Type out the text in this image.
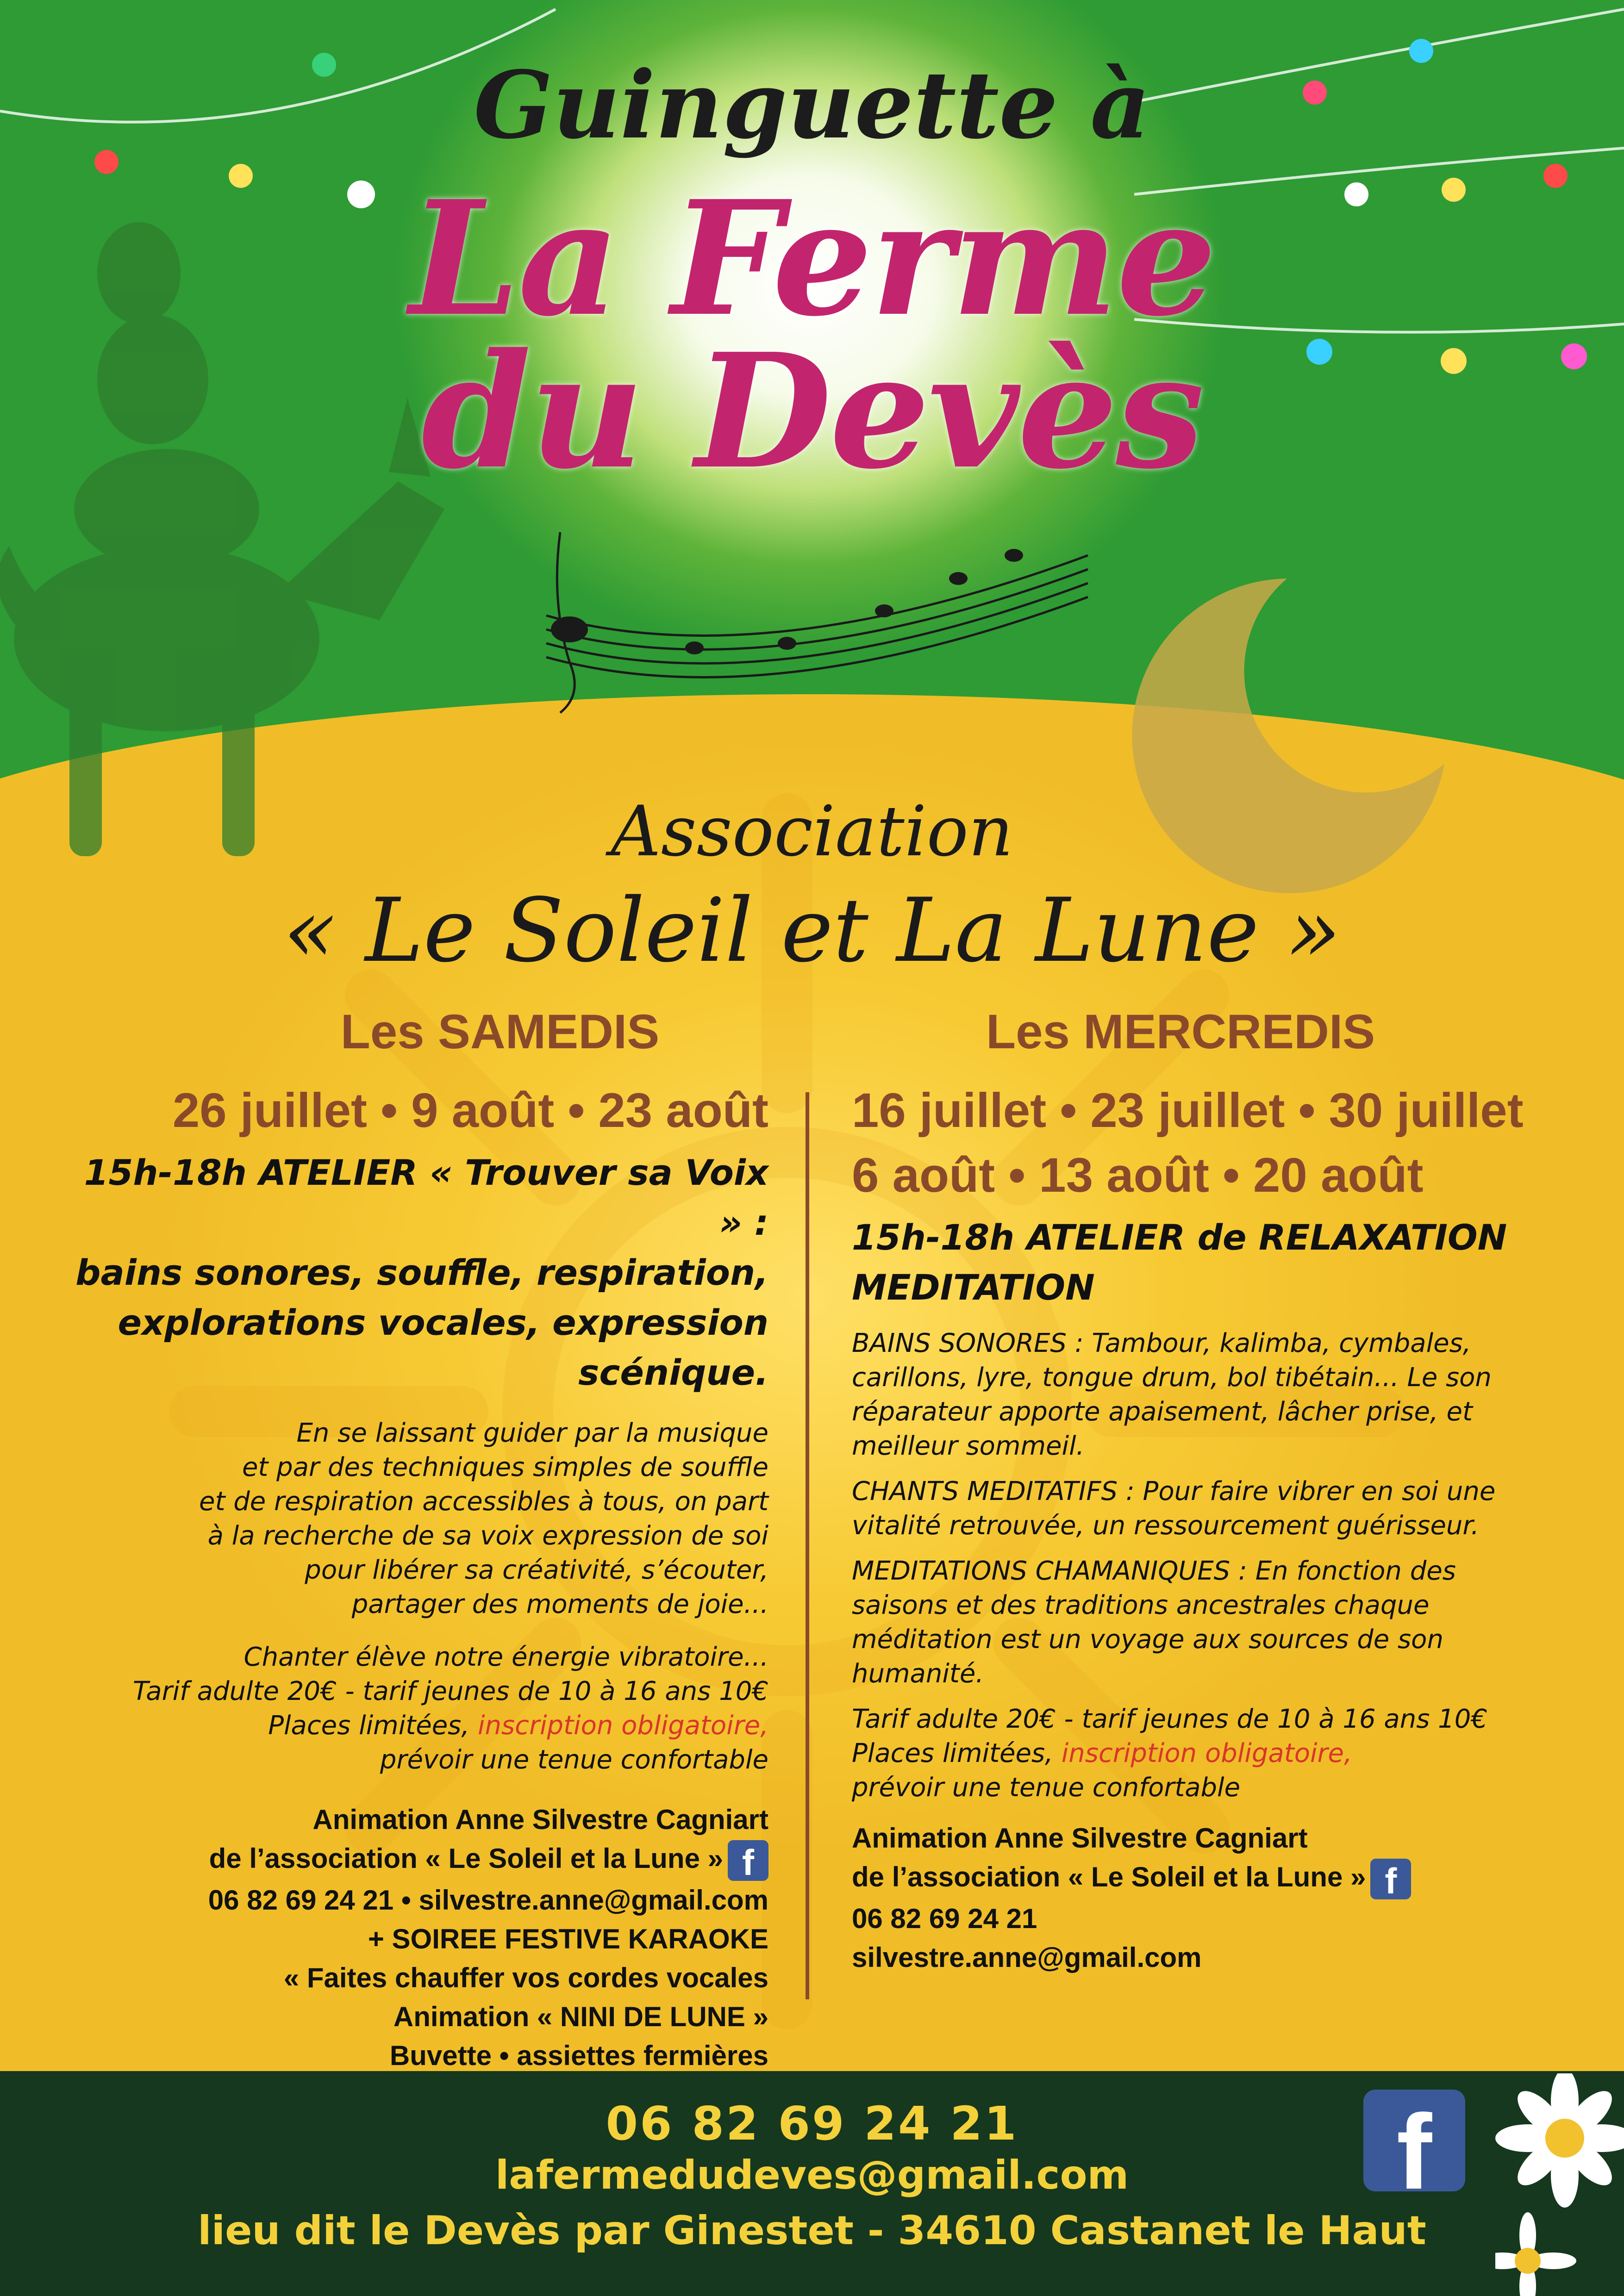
Guinguette à
La Ferme
du Devès
Association
« Le Soleil et La Lune »
Les SAMEDIS
26 juillet • 9 août • 23 août
15h-18h ATELIER « Trouver sa Voix » :
bains sonores, souffle, respiration,
explorations vocales, expression
scénique.
En se laissant guider par la musique
et par des techniques simples de souffle
et de respiration accessibles à tous, on part
à la recherche de sa voix expression de soi
pour libérer sa créativité, s’écouter,
partager des moments de joie...
Chanter élève notre énergie vibratoire...
Tarif adulte 20€ - tarif jeunes de 10 à 16 ans 10€
Places limitées, inscription obligatoire,
prévoir une tenue confortable
Animation Anne Silvestre Cagniart
de l’association « Le Soleil et la Lune » f
06 82 69 24 21 • silvestre.anne@gmail.com
+ SOIREE FESTIVE KARAOKE
« Faites chauffer vos cordes vocales
Animation « NINI DE LUNE »
Buvette • assiettes fermières
Les MERCREDIS
16 juillet • 23 juillet • 30 juillet
6 août • 13 août • 20 août
15h-18h ATELIER de RELAXATION
MEDITATION
BAINS SONORES : Tambour, kalimba, cymbales,
carillons, lyre, tongue drum, bol tibétain... Le son
réparateur apporte apaisement, lâcher prise, et
meilleur sommeil.
CHANTS MEDITATIFS : Pour faire vibrer en soi une
vitalité retrouvée, un ressourcement guérisseur.
MEDITATIONS CHAMANIQUES : En fonction des
saisons et des traditions ancestrales chaque
méditation est un voyage aux sources de son
humanité.
Tarif adulte 20€ - tarif jeunes de 10 à 16 ans 10€
Places limitées, inscription obligatoire,
prévoir une tenue confortable
Animation Anne Silvestre Cagniart
de l’association « Le Soleil et la Lune » f
06 82 69 24 21
silvestre.anne@gmail.com
06 82 69 24 21
lafermedudeves@gmail.com
lieu dit le Devès par Ginestet - 34610 Castanet le Haut
f
